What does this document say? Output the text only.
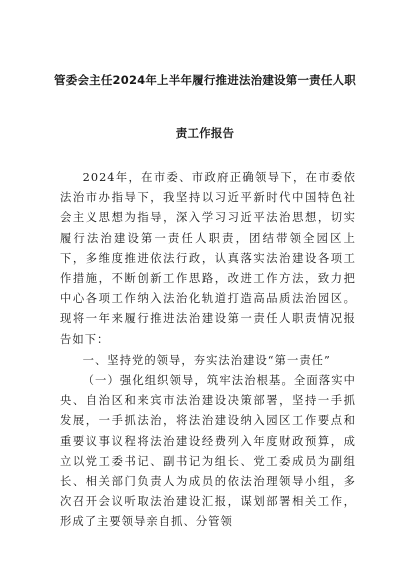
管委会主任2024年上半年履行推进法治建设第一责任人职
责工作报告

2024年，在市委、市政府正确领导下，在市委依法治市办指导下，我坚持以习近平新时代中国特色社会主义思想为指导，深入学习习近平法治思想，切实履行法治建设第一责任人职责，团结带领全园区上下，多维度推进依法行政，认真落实法治建设各项工作措施，不断创新工作思路，改进工作方法，致力把中心各项工作纳入法治化轨道打造高品质法治园区。现将一年来履行推进法治建设第一责任人职责情况报告如下：

一、坚持党的领导，夯实法治建设“第一责任”

（一）强化组织领导，筑牢法治根基。全面落实中央、自治区和来宾市法治建设决策部署，坚持一手抓发展，一手抓法治，将法治建设纳入园区工作要点和重要议事议程将法治建设经费列入年度财政预算，成立以党工委书记、副书记为组长、党工委成员为副组长、相关部门负责人为成员的依法治理领导小组，多次召开会议听取法治建设汇报，谋划部署相关工作，形成了主要领导亲自抓、分管领
